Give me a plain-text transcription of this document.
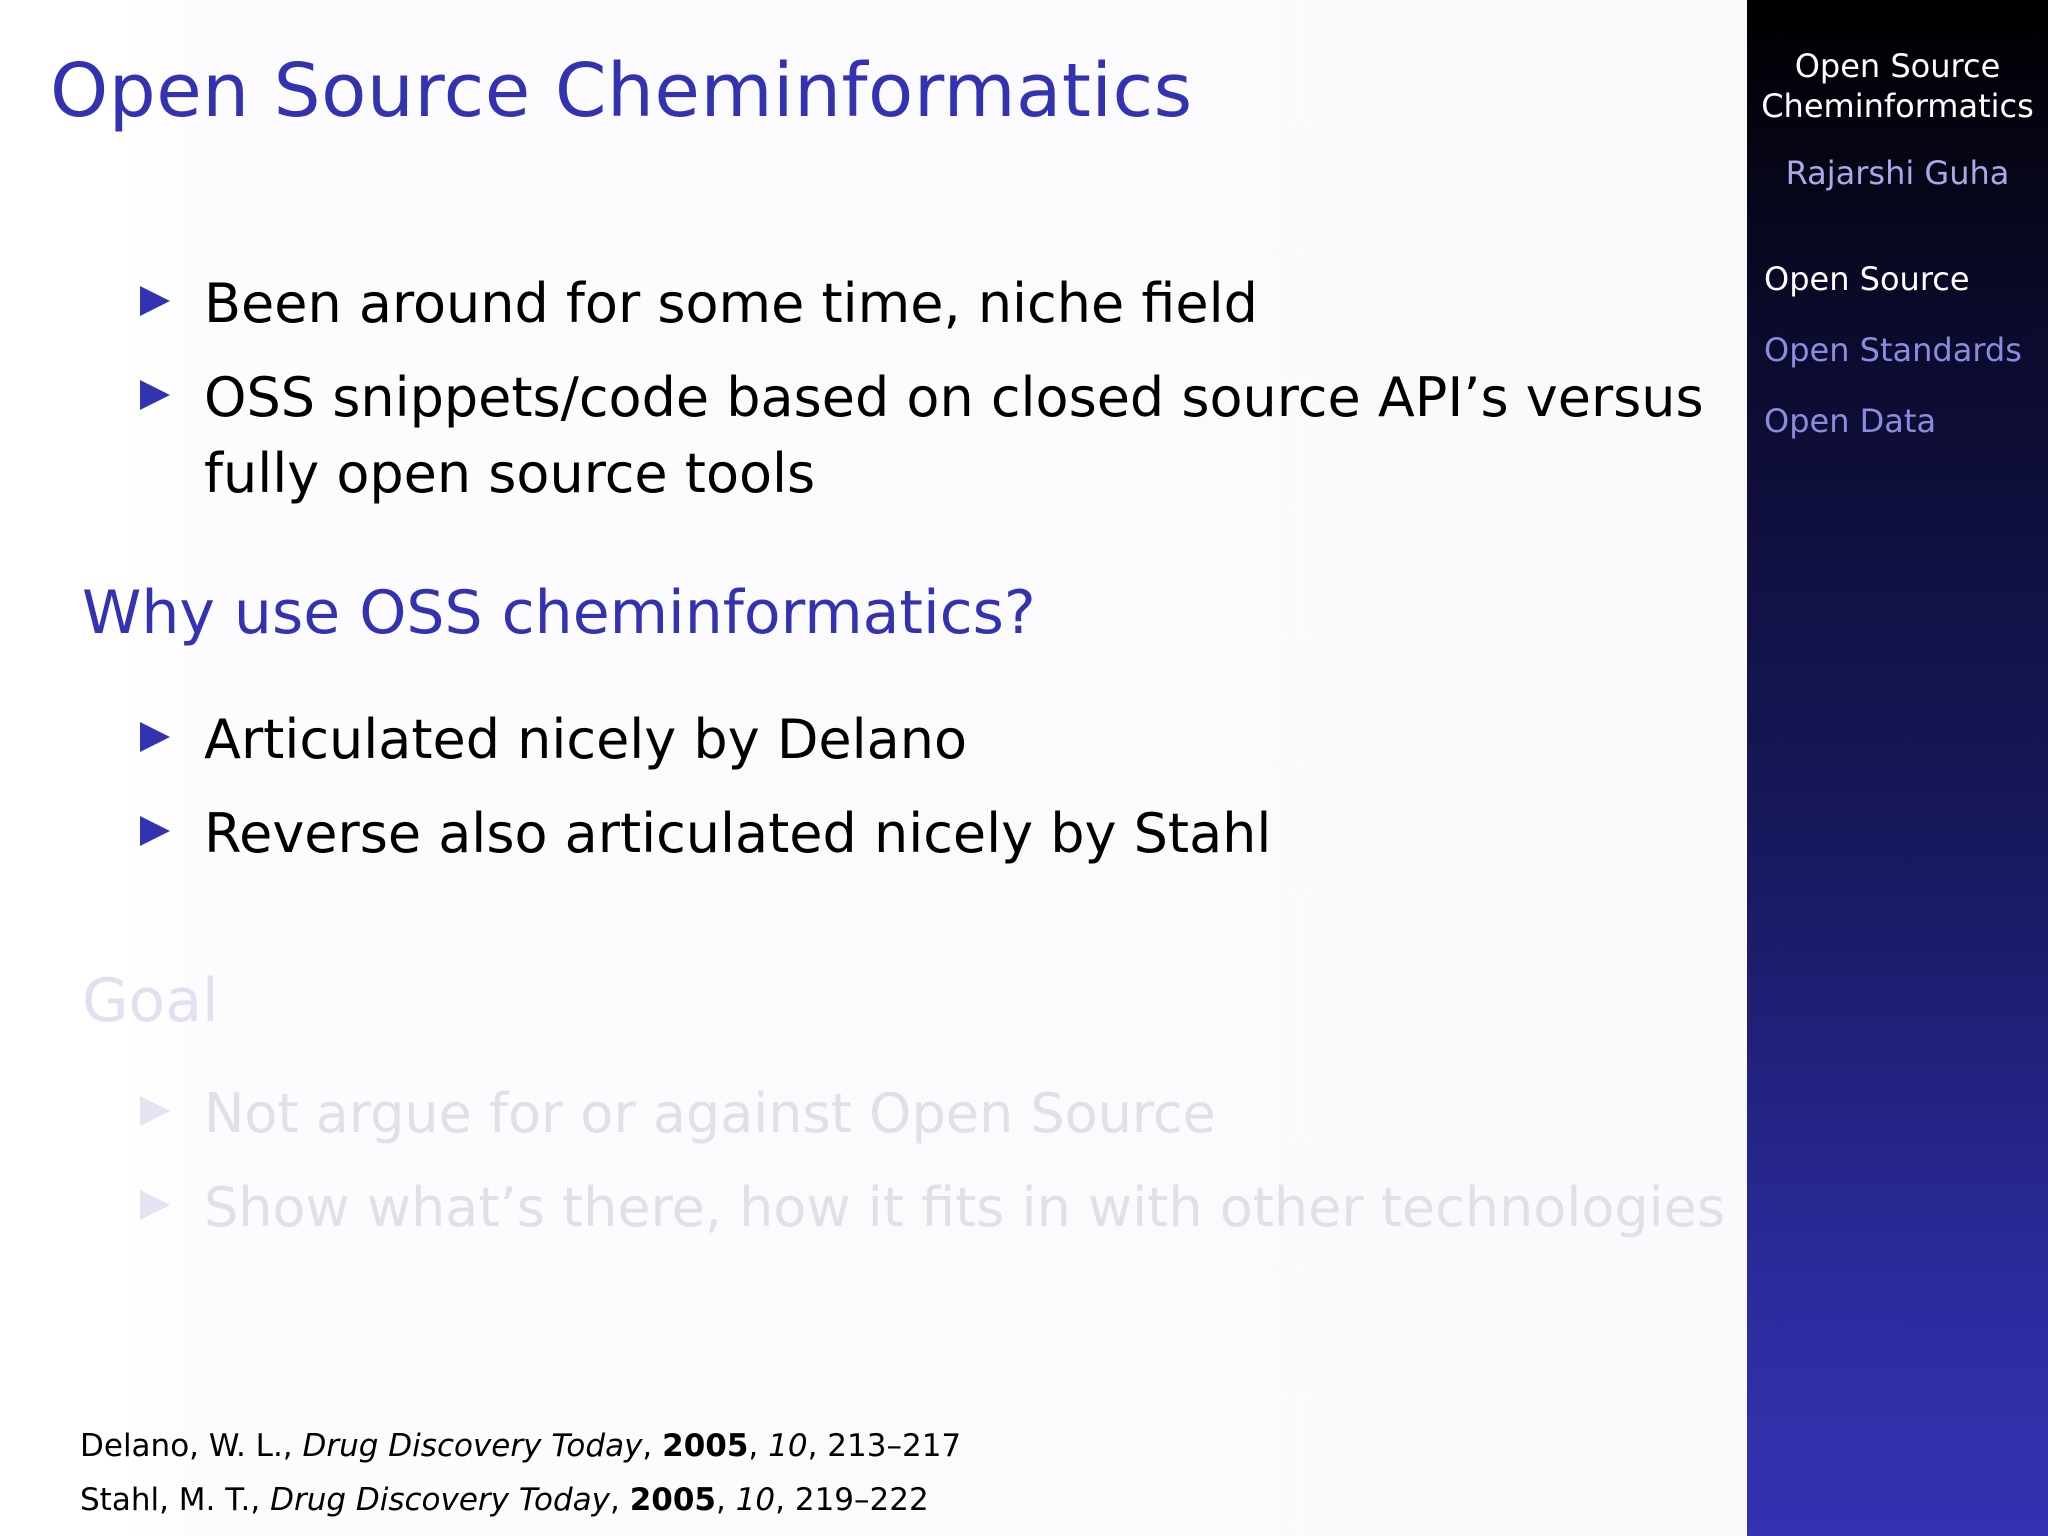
Open Source Cheminformatics
Been around for some time, niche field
OSS snippets/code based on closed source API’s versus
fully open source tools
Why use OSS cheminformatics?
Articulated nicely by Delano
Reverse also articulated nicely by Stahl
Goal
Not argue for or against Open Source
Show what’s there, how it fits in with other technologies
Delano, W. L., Drug Discovery Today, 2005, 10, 213–217
Stahl, M. T., Drug Discovery Today, 2005, 10, 219–222
Open Source
Cheminformatics
Rajarshi Guha
Open Source
Open Standards
Open Data
